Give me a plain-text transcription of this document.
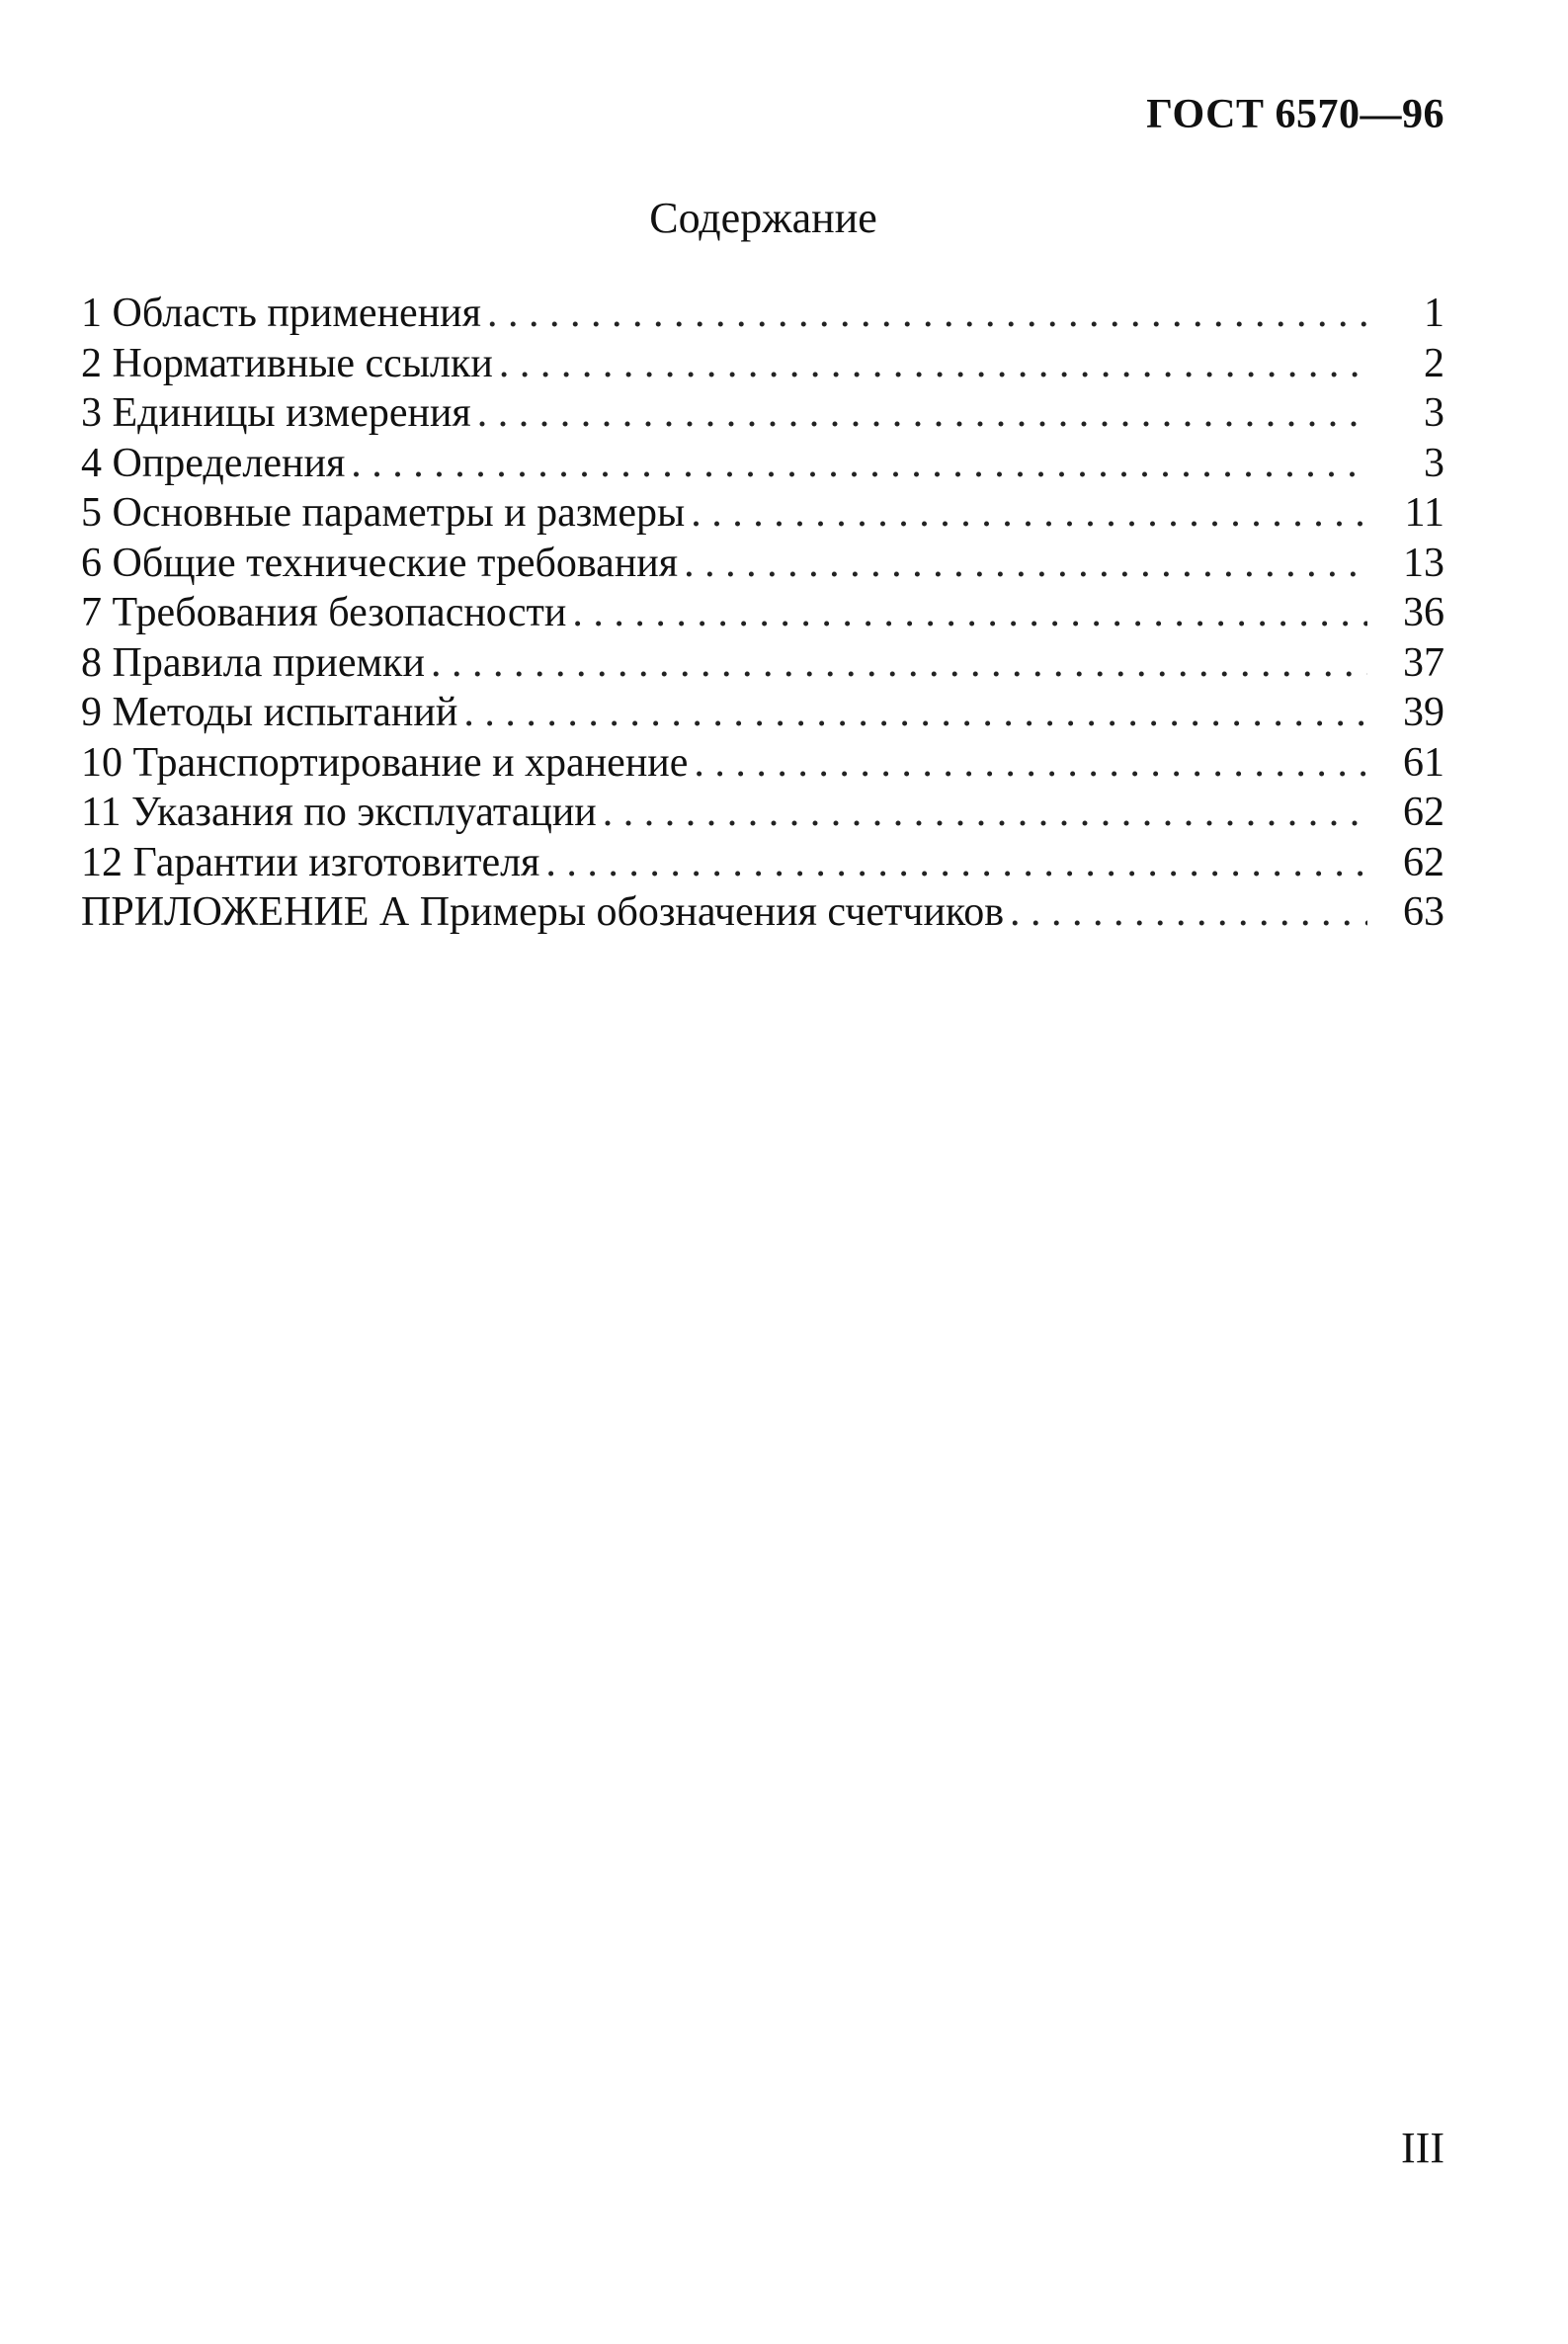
ГОСТ 6570—96
Содержание
1 Область применения . . .	1
2 Нормативные ссылки . . .	2
3 Единицы измерения . . .	3
4 Определения . . .	3
5 Основные параметры и размеры . . .	11
6 Общие технические требования . . .	13
7 Требования безопасности . . .	36
8 Правила приемки . . .	37
9 Методы испытаний . . .	39
10 Транспортирование и хранение . . .	61
11 Указания по эксплуатации . . .	62
12 Гарантии изготовителя . . .	62
ПРИЛОЖЕНИЕ А Примеры обозначения счетчиков . . .	63
III
